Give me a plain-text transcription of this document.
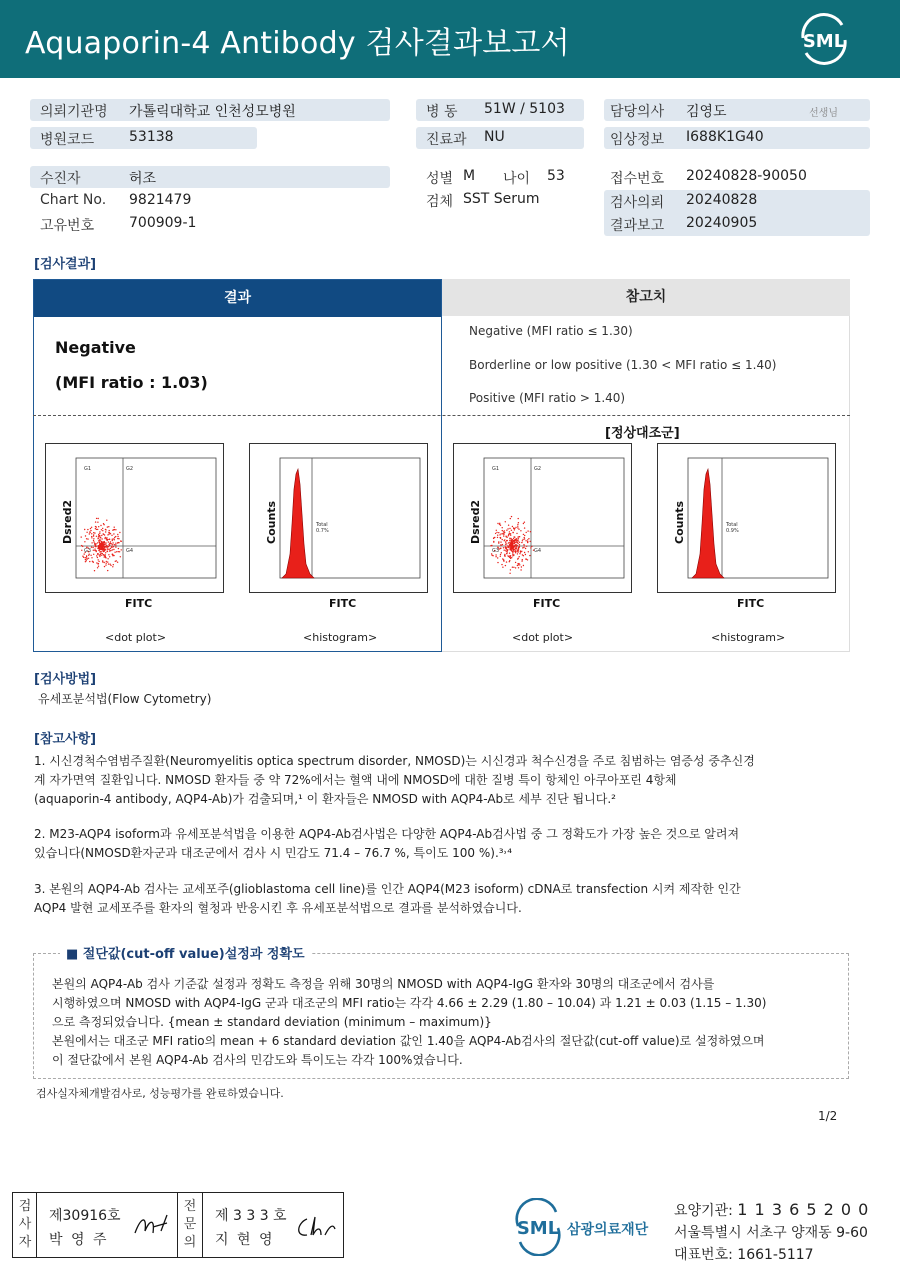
Aquaporin-4 Antibody 검사결과보고서	SML
의뢰기관명 가톨릭대학교 인천성모병원
병원코드 53138
병 동 51W / 5103
진료과 NU
담당의사 김영도	선생님
임상정보 I688K1G40
수진자	허조
Chart No. 9821479
고유번호 700909-1
성별 M 나이 53
검체 SST Serum
접수번호 20240828-90050
검사의뢰 20240828
결과보고 20240905
[검사결과]
결과	참고치
Negative
(MFI ratio : 1.03)
Negative (MFI ratio ≤ 1.30)
Borderline or low positive (1.30 < MFI ratio ≤ 1.40)
Positive (MFI ratio > 1.40)
[정상대조군]
G1	G2
G3	G4
FITC
Dsred2
<dot plot>
Total
0.7%
FITC
Counts
<histogram>
G1	G2
G3	G4
FITC
Dsred2
<dot plot>
Total
0.9%
FITC
Counts
<histogram>
[검사방법]
유세포분석법(Flow Cytometry)
[참고사항]
1. 시신경척수염범주질환(Neuromyelitis optica spectrum disorder, NMOSD)는 시신경과 척수신경을 주로 침범하는 염증성 중추신경
계 자가면역 질환입니다. NMOSD 환자들 중 약 72%에서는 혈액 내에 NMOSD에 대한 질병 특이 항체인 아쿠아포린 4항체
(aquaporin-4 antibody, AQP4-Ab)가 검출되며,¹ 이 환자들은 NMOSD with AQP4-Ab로 세부 진단 됩니다.²
2. M23-AQP4 isoform과 유세포분석법을 이용한 AQP4-Ab검사법은 다양한 AQP4-Ab검사법 중 그 정확도가 가장 높은 것으로 알려져
있습니다(NMOSD환자군과 대조군에서 검사 시 민감도 71.4 – 76.7 %, 특이도 100 %).³˒⁴
3. 본원의 AQP4-Ab 검사는 교세포주(glioblastoma cell line)를 인간 AQP4(M23 isoform) cDNA로 transfection 시켜 제작한 인간
AQP4 발현 교세포주를 환자의 혈청과 반응시킨 후 유세포분석법으로 결과를 분석하였습니다.
■ 절단값(cut-off value)설정과 정확도
본원의 AQP4-Ab 검사 기준값 설정과 정확도 측정을 위해 30명의 NMOSD with AQP4-IgG 환자와 30명의 대조군에서 검사를
시행하였으며 NMOSD with AQP4-IgG 군과 대조군의 MFI ratio는 각각 4.66 ± 2.29 (1.80 – 10.04) 과 1.21 ± 0.03 (1.15 – 1.30)
으로 측정되었습니다. {mean ± standard deviation (minimum – maximum)}
본원에서는 대조군 MFI ratio의 mean + 6 standard deviation 값인 1.40을 AQP4-Ab검사의 절단값(cut-off value)로 설정하였으며
이 절단값에서 본원 AQP4-Ab 검사의 민감도와 특이도는 각각 100%였습니다.
검사실자체개발검사로, 성능평가를 완료하였습니다.
1/2
검사자
제30916호
박 영 주
전문의
제 3 3 3 호
지 현 영
SML 삼광의료재단
요양기관: 1 1 3 6 5 2 0 0
서울특별시 서초구 양재동 9-60
대표번호: 1661-5117
